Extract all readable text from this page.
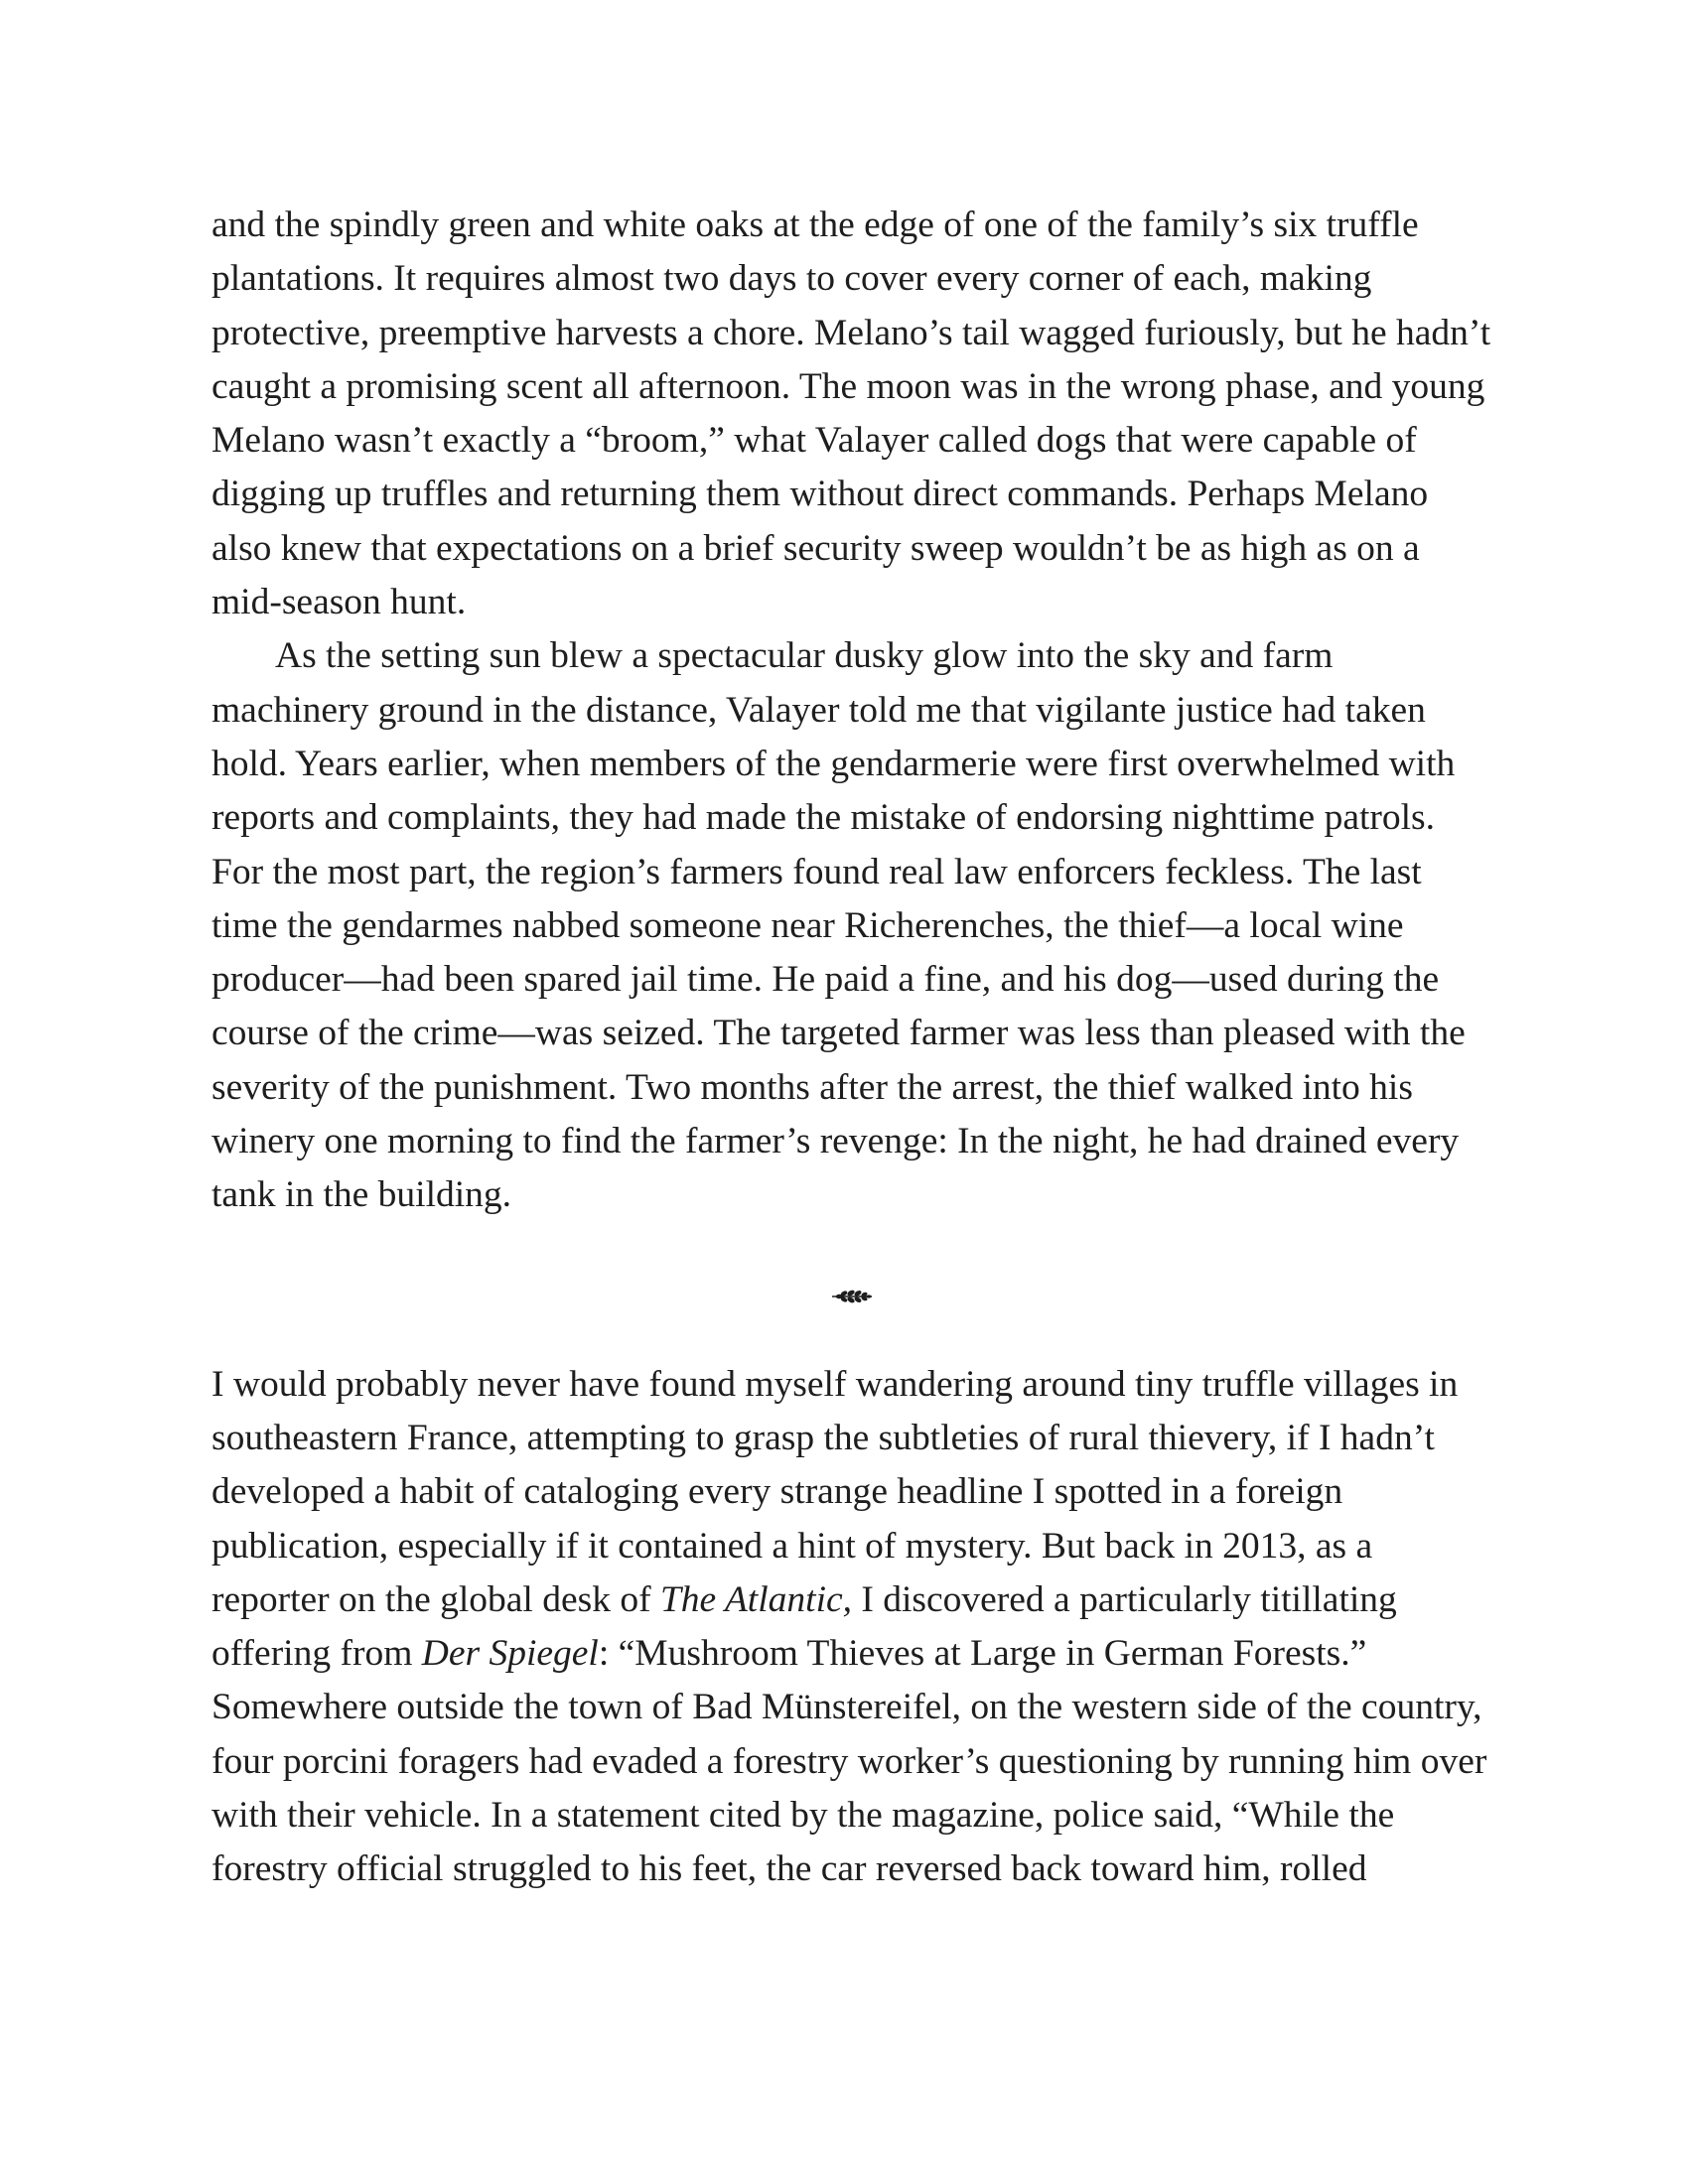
and the spindly green and white oaks at the edge of one of the family’s six truffle plantations. It requires almost two days to cover every corner of each, making protective, preemptive harvests a chore. Melano’s tail wagged furiously, but he hadn’t caught a promising scent all afternoon. The moon was in the wrong phase, and young Melano wasn’t exactly a “broom,” what Valayer called dogs that were capable of digging up truffles and returning them without direct commands. Perhaps Melano also knew that expectations on a brief security sweep wouldn’t be as high as on a mid-season hunt.

As the setting sun blew a spectacular dusky glow into the sky and farm machinery ground in the distance, Valayer told me that vigilante justice had taken hold. Years earlier, when members of the gendarmerie were first overwhelmed with reports and complaints, they had made the mistake of endorsing nighttime patrols. For the most part, the region’s farmers found real law enforcers feckless. The last time the gendarmes nabbed someone near Richerenches, the thief—a local wine producer—had been spared jail time. He paid a fine, and his dog—used during the course of the crime—was seized. The targeted farmer was less than pleased with the severity of the punishment. Two months after the arrest, the thief walked into his winery one morning to find the farmer’s revenge: In the night, he had drained every tank in the building.

I would probably never have found myself wandering around tiny truffle villages in southeastern France, attempting to grasp the subtleties of rural thievery, if I hadn’t developed a habit of cataloging every strange headline I spotted in a foreign publication, especially if it contained a hint of mystery. But back in 2013, as a reporter on the global desk of The Atlantic, I discovered a particularly titillating offering from Der Spiegel: “Mushroom Thieves at Large in German Forests.” Somewhere outside the town of Bad Münstereifel, on the western side of the country, four porcini foragers had evaded a forestry worker’s questioning by running him over with their vehicle. In a statement cited by the magazine, police said, “While the forestry official struggled to his feet, the car reversed back toward him, rolled
